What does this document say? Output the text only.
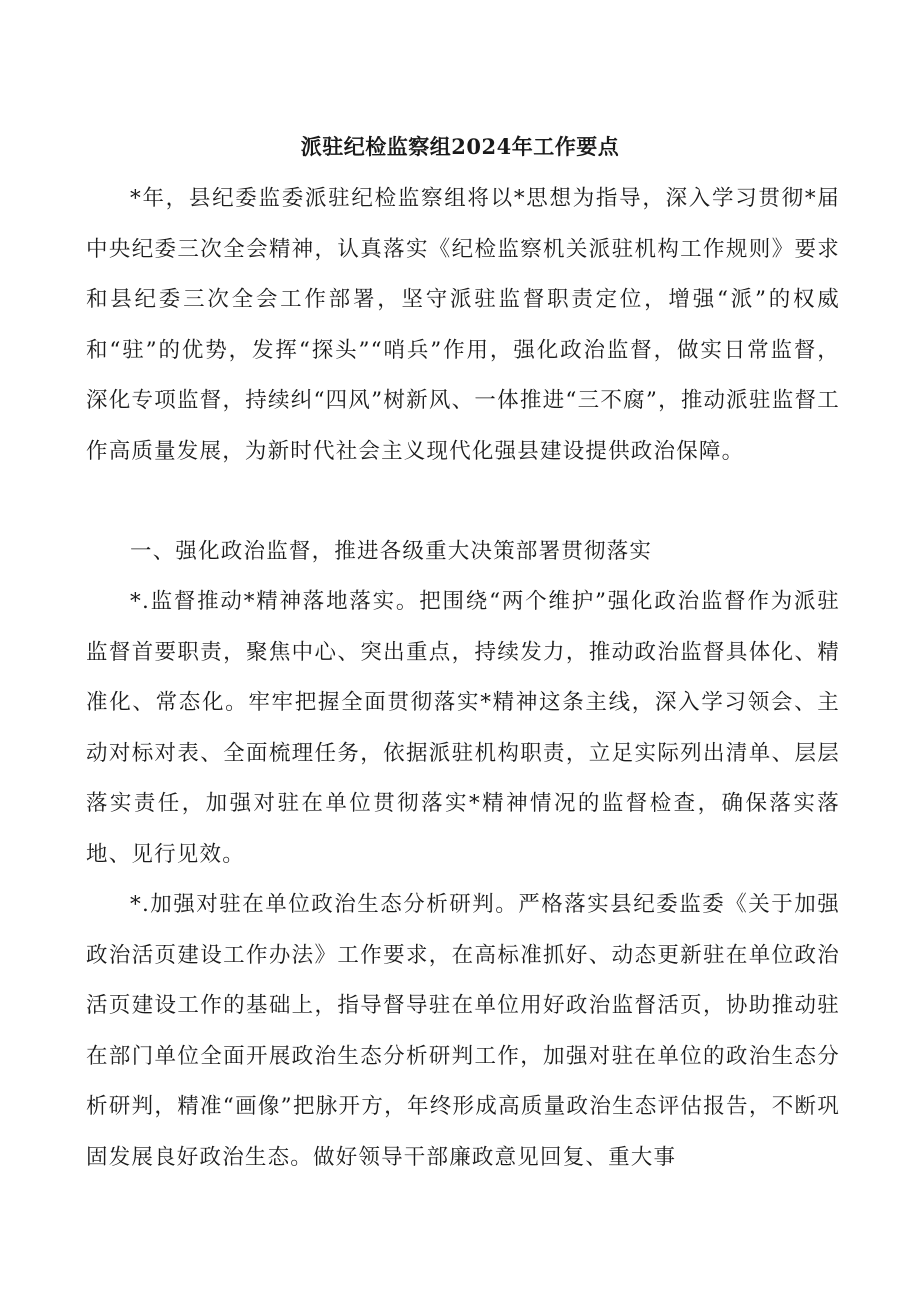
派驻纪检监察组2024年工作要点

*年，县纪委监委派驻纪检监察组将以*思想为指导，深入学习贯彻*届中央纪委三次全会精神，认真落实《纪检监察机关派驻机构工作规则》要求和县纪委三次全会工作部署，坚守派驻监督职责定位，增强“派”的权威和“驻”的优势，发挥“探头”“哨兵”作用，强化政治监督，做实日常监督，深化专项监督，持续纠“四风”树新风、一体推进“三不腐”，推动派驻监督工作高质量发展，为新时代社会主义现代化强县建设提供政治保障。

一、强化政治监督，推进各级重大决策部署贯彻落实

*.监督推动*精神落地落实。把围绕“两个维护”强化政治监督作为派驻监督首要职责，聚焦中心、突出重点，持续发力，推动政治监督具体化、精准化、常态化。牢牢把握全面贯彻落实*精神这条主线，深入学习领会、主动对标对表、全面梳理任务，依据派驻机构职责，立足实际列出清单、层层落实责任，加强对驻在单位贯彻落实*精神情况的监督检查，确保落实落地、见行见效。

*.加强对驻在单位政治生态分析研判。严格落实县纪委监委《关于加强政治活页建设工作办法》工作要求，在高标准抓好、动态更新驻在单位政治活页建设工作的基础上，指导督导驻在单位用好政治监督活页，协助推动驻在部门单位全面开展政治生态分析研判工作，加强对驻在单位的政治生态分析研判，精准“画像”把脉开方，年终形成高质量政治生态评估报告，不断巩固发展良好政治生态。做好领导干部廉政意见回复、重大事
